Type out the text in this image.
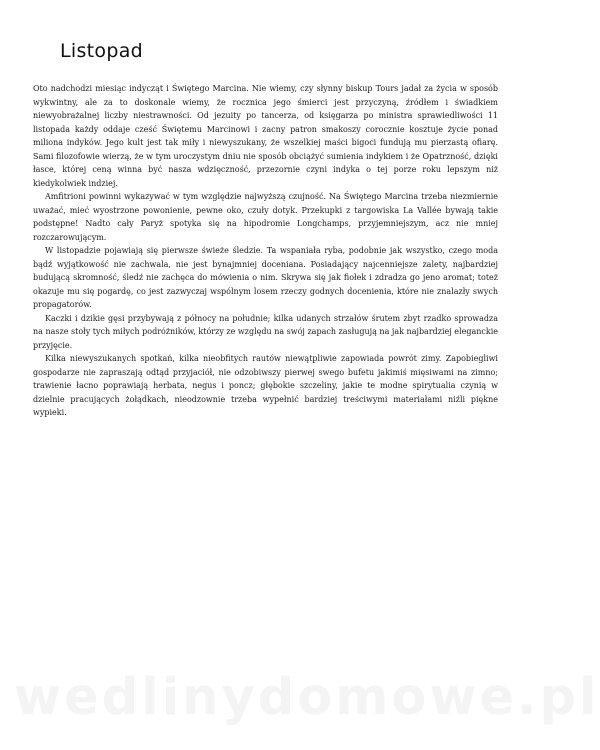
Listopad

Oto nadchodzi miesiąc indycząt i Świętego Marcina. Nie wiemy, czy słynny biskup Tours jadał za życia w sposób wykwintny, ale za to doskonale wiemy, że rocznica jego śmierci jest przyczyną, źródłem i świadkiem niewyobrażalnej liczby niestrawności. Od jezuity po tancerza, od księgarza po ministra sprawiedliwości 11 listopada każdy oddaje cześć Świętemu Marcinowi i zacny patron smakoszy corocznie kosztuje życie ponad miliona indyków. Jego kult jest tak miły i niewyszukany, że wszelkiej maści bigoci fundują mu pierzastą ofiarę. Sami filozofowie wierzą, że w tym uroczystym dniu nie sposób obciążyć sumienia indykiem i że Opatrzność, dzięki łasce, której ceną winna być nasza wdzięczność, przezornie czyni indyka o tej porze roku lepszym niż kiedykolwiek indziej.

Amfitrioni powinni wykazywać w tym względzie najwyższą czujność. Na Świętego Marcina trzeba niezmiernie uważać, mieć wyostrzone powonienie, pewne oko, czuły dotyk. Przekupki z targowiska La Vallée bywają takie podstępne! Nadto cały Paryż spotyka się na hipodromie Longchamps, przyjemniejszym, acz nie mniej rozczarowującym.

W listopadzie pojawiają się pierwsze świeże śledzie. Ta wspaniała ryba, podobnie jak wszystko, czego moda bądź wyjątkowość nie zachwala, nie jest bynajmniej doceniana. Posiadający najcenniejsze zalety, najbardziej budującą skromność, śledź nie zachęca do mówienia o nim. Skrywa się jak fiołek i zdradza go jeno aromat; toteż okazuje mu się pogardę, co jest zazwyczaj wspólnym losem rzeczy godnych docenienia, które nie znalazły swych propagatorów.

Kaczki i dzikie gęsi przybywają z północy na południe; kilka udanych strzałów śrutem zbyt rzadko sprowadza na nasze stoły tych miłych podróżników, którzy ze względu na swój zapach zasługują na jak najbardziej eleganckie przyjęcie.

Kilka niewyszukanych spotkań, kilka nieobfitych rautów niewątpliwie zapowiada powrót zimy. Zapobiegliwi gospodarze nie zapraszają odtąd przyjaciół, nie odzobiwszy pierwej swego bufetu jakimiś mięsiwami na zimno; trawienie łacno poprawiają herbata, negus i poncz; głębokie szczeliny, jakie te modne spirytualia czynią w dzielnie pracujących żołądkach, nieodzownie trzeba wypełnić bardziej treściwymi materiałami niźli piękne wypieki.

wedlinydomowe.pl
